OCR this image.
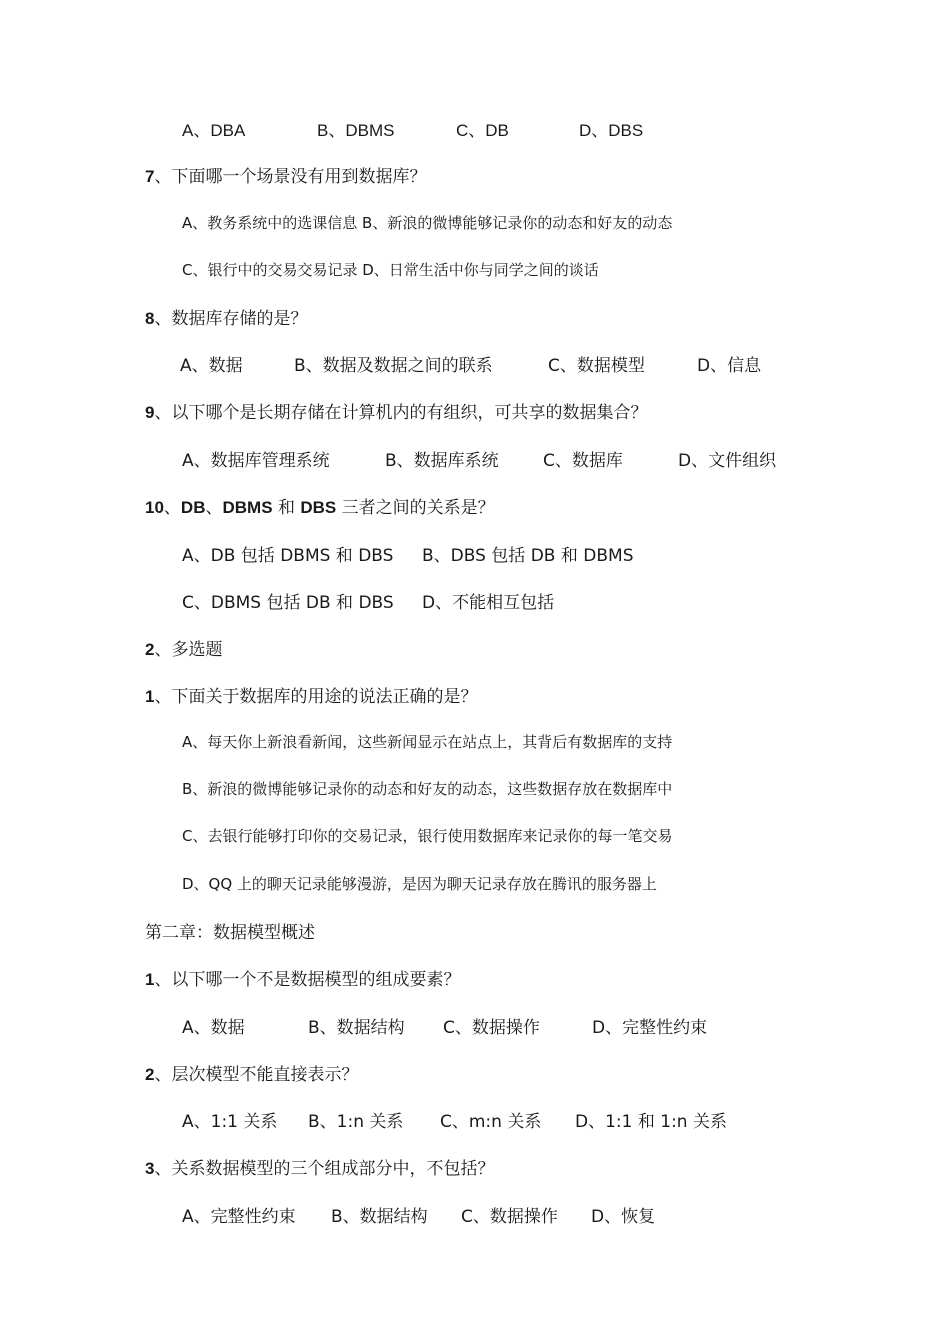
A、DBA	B、DBMS	C、DB	D、DBS
7、下面哪一个场景没有用到数据库？
A、教务系统中的选课信息 B、新浪的微博能够记录你的动态和好友的动态
C、银行中的交易交易记录 D、日常生活中你与同学之间的谈话
8、数据库存储的是？
A、数据	B、数据及数据之间的联系	C、数据模型	D、信息
9、以下哪个是长期存储在计算机内的有组织，可共享的数据集合？
A、数据库管理系统	B、数据库系统	C、数据库	D、文件组织
10、DB、DBMS 和 DBS 三者之间的关系是？
A、DB 包括 DBMS 和 DBS B、DBS 包括 DB 和 DBMS
C、DBMS 包括 DB 和 DBS D、不能相互包括
2、多选题
1、下面关于数据库的用途的说法正确的是？
A、每天你上新浪看新闻，这些新闻显示在站点上，其背后有数据库的支持
B、新浪的微博能够记录你的动态和好友的动态，这些数据存放在数据库中
C、去银行能够打印你的交易记录，银行使用数据库来记录你的每一笔交易
D、QQ 上的聊天记录能够漫游，是因为聊天记录存放在腾讯的服务器上
第二章：数据模型概述
1、以下哪一个不是数据模型的组成要素？
A、数据	B、数据结构 C、数据操作	D、完整性约束
2、层次模型不能直接表示？
A、1:1 关系 B、1:n 关系 C、m:n 关系 D、1:1 和 1:n 关系
3、关系数据模型的三个组成部分中，不包括？
A、完整性约束 B、数据结构 C、数据操作 D、恢复
